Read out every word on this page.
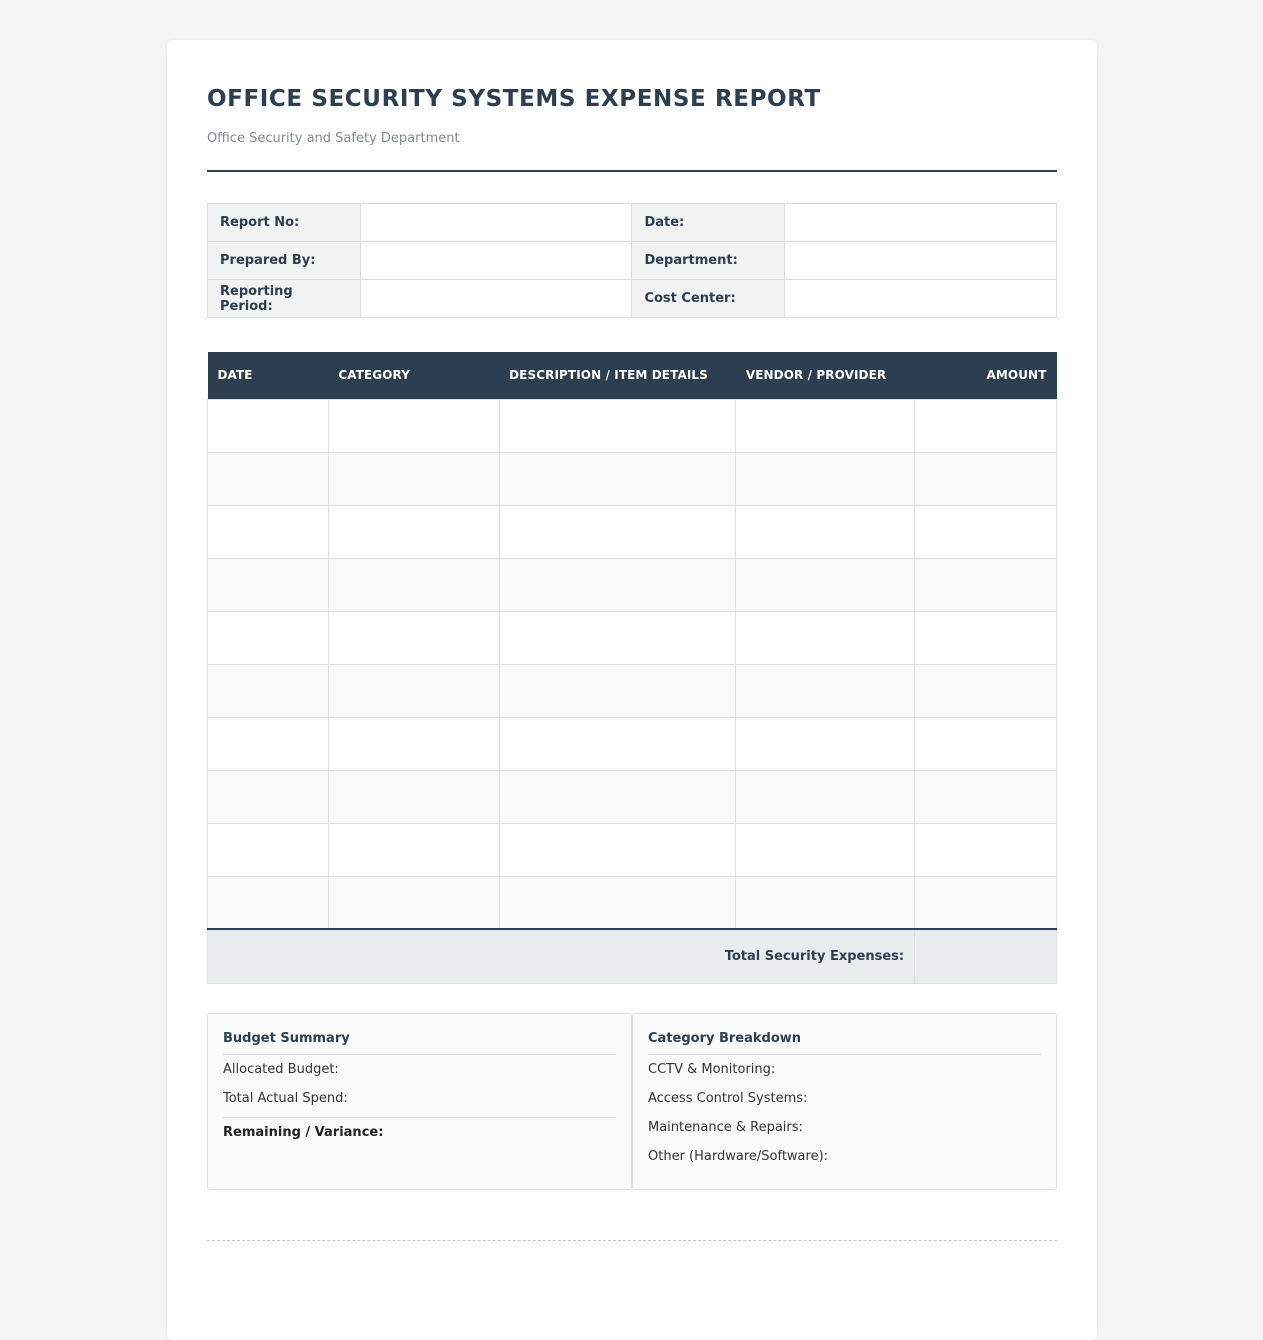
OFFICE SECURITY SYSTEMS EXPENSE REPORT
Office Security and Safety Department
Report No:		Date:	
Prepared By:		Department:	
Reporting Period:		Cost Center:	
DATE	CATEGORY	DESCRIPTION / ITEM DETAILS	VENDOR / PROVIDER	AMOUNT

Total Security Expenses:				
Budget Summary
Allocated Budget:
Total Actual Spend:
Remaining / Variance:
Category Breakdown
CCTV & Monitoring:
Access Control Systems:
Maintenance & Repairs:
Other (Hardware/Software):
